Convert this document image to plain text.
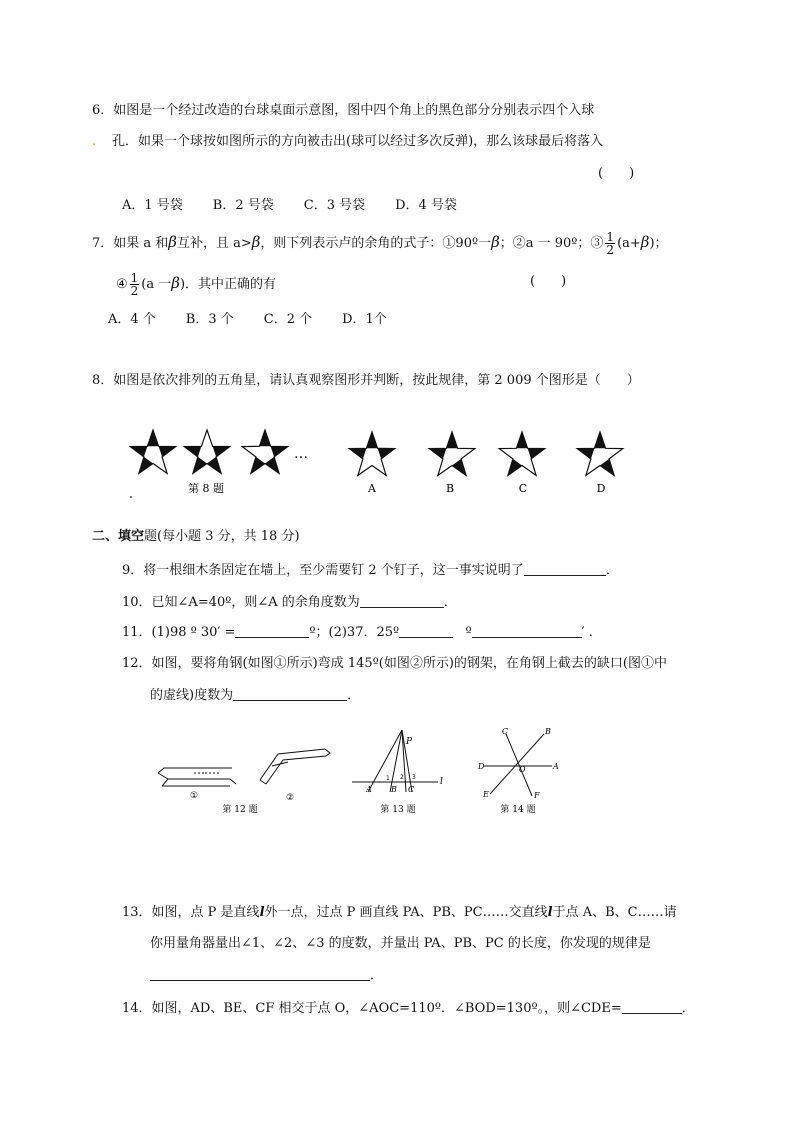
6．如图是一个经过改造的台球桌面示意图，图中四个角上的黑色部分分别表示四个入球
. 孔．如果一个球按如图所示的方向被击出(球可以经过多次反弹)，那么该球最后将落入
(　　)
A．1 号袋 B．2 号袋 C．3 号袋 D．4 号袋
7．如果 a 和β互补，且 a>β，则下列表示卢的余角的式子：①90º一β；②a 一 90º；③ $\frac{1}{2} (a+\beta)$；
④ $\frac{1}{2} (a$ 一β)．其中正确的有	(　　)
A．4 个 B．3 个 C．2 个 D．1个
8．如图是依次排列的五角星，请认真观察图形并判断，按此规律，第 2 009 个图形是（　　）
…
第 8 题	A	B	C	D
二、填空题(每小题 3 分，共 18 分)
9．将一根细木条固定在墙上，至少需要钉 2 个钉子，这一事实说明了	．
10．已知∠A=40º，则∠A 的余角度数为	．
11．(1)98 º 30′ =	º；(2)37．25º	º	′ ．
12．如图，要将角钢(如图①所示)弯成 145º(如图②所示)的钢架，在角钢上截去的缺口(图①中
的虚线)度数为	．
①	②
第 12 题
P
A B C
l
1 2 3
第 13 题
C	B
D	O	A
E	F
第 14 题
13．如图，点 P 是直线l外一点，过点 P 画直线 PA、PB、PC……交直线l于点 A、B、C……请
你用量角器量出∠1、∠2、∠3 的度数，并量出 PA、PB、PC 的长度，你发现的规律是
．
14．如图，AD、BE、CF 相交于点 O，∠AOC=110º．∠BOD=130º。，则∠CDE=	．
